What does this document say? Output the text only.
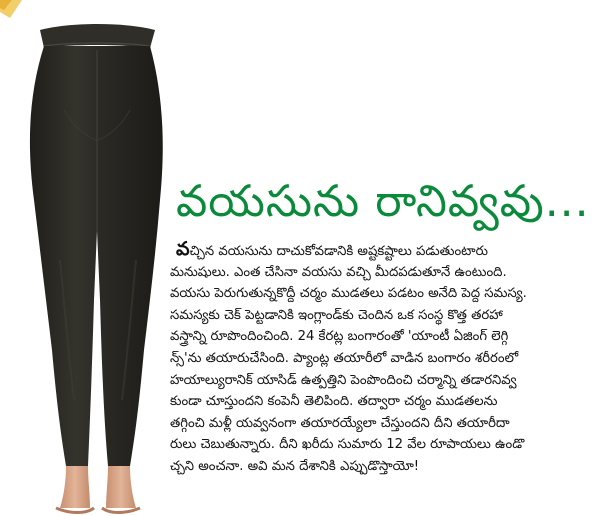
వయసును రానివ్వవు...
వచ్చిన వయసును దాచుకోవడానికి అష్టకష్టాలు పడుతుంటారు
మనుషులు. ఎంత చేసినా వయసు వచ్చి మీదపడుతూనే ఉంటుంది.
వయసు పెరుగుతున్నకొద్దీ చర్మం ముడతలు పడటం అనేది పెద్ద సమస్య.
సమస్యకు చెక్ పెట్టడానికి ఇంగ్లాండ్‌కు చెందిన ఒక సంస్థ కొత్త తరహా
వస్త్రాన్ని రూపొందించింది. 24 కేరట్ల బంగారంతో 'యాంటీ ఏజింగ్ లెగ్గి
న్స్'ను తయారుచేసింది. ప్యాంట్ల తయారీలో వాడిన బంగారం శరీరంలో
హయాల్యురానిక్ యాసిడ్ ఉత్పత్తిని పెంపొందించి చర్మాన్ని తడారనివ్వ
కుండా చూస్తుందని కంపెనీ తెలిపింది. తద్వారా చర్మం ముడతలను
తగ్గించి మళ్లీ యవ్వనంగా తయారయ్యేలా చేస్తుందని దీని తయారీదా
రులు చెబుతున్నారు. దీని ఖరీదు సుమారు 12 వేల రూపాయలు ఉండొ
చ్చని అంచనా. అవి మన దేశానికి ఎప్పుడొస్తాయో!
